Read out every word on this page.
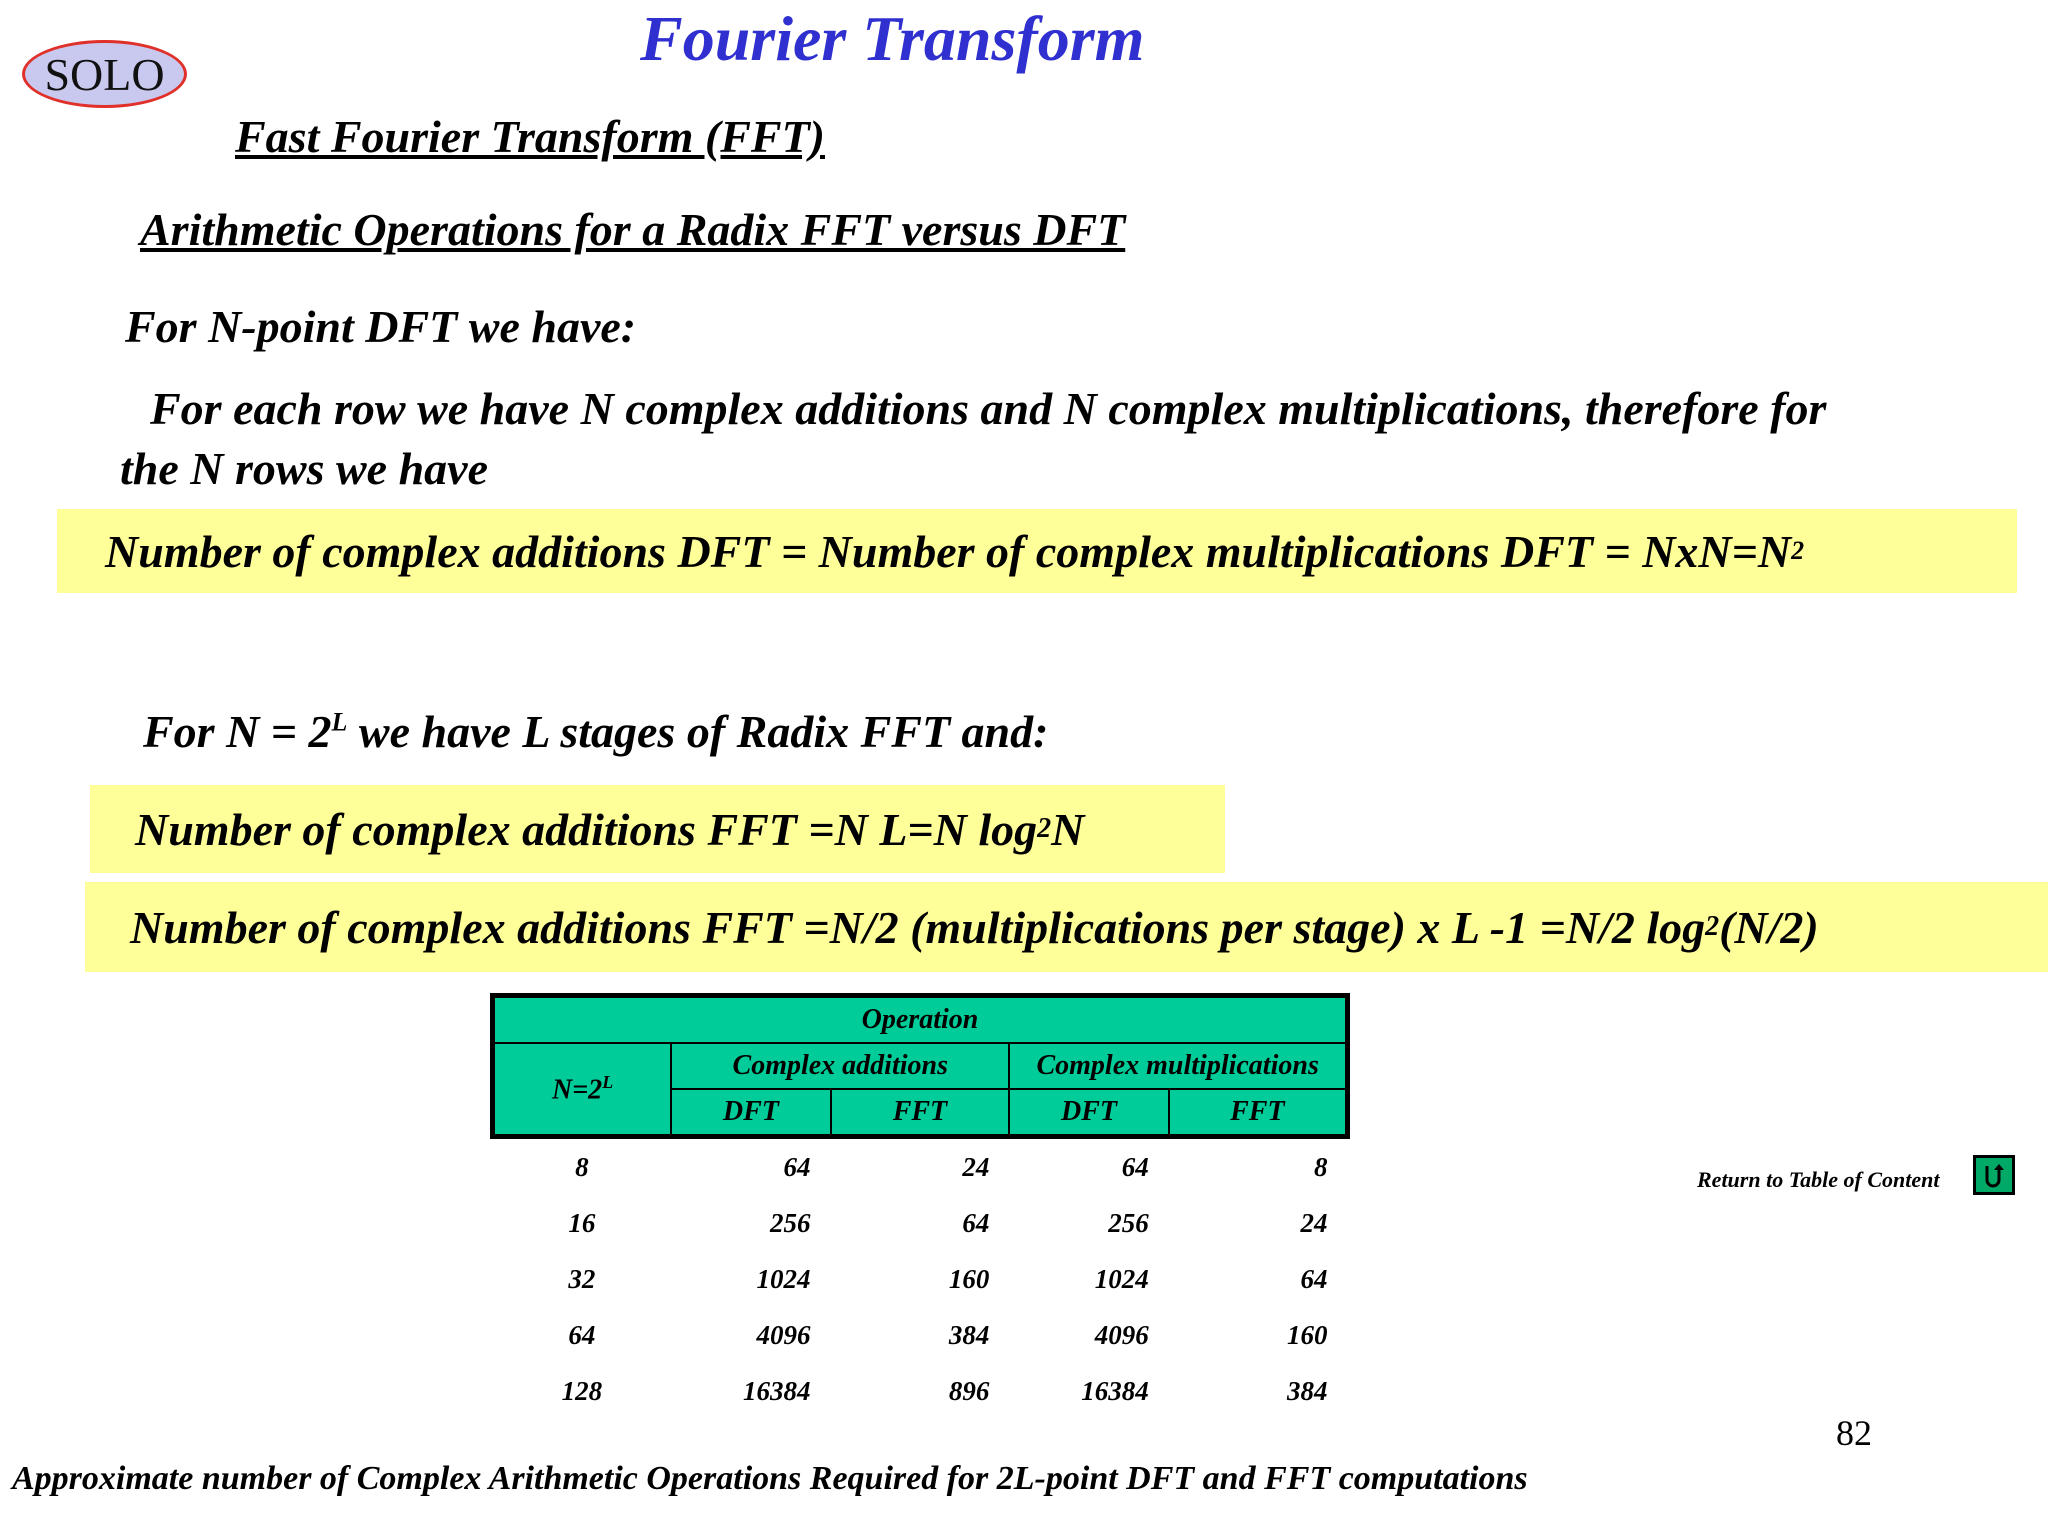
SOLO	Fourier Transform
Fast Fourier Transform (FFT)
Arithmetic Operations for a Radix FFT versus DFT
For N-point DFT we have:
For each row we have N complex additions and N complex multiplications, therefore for
the N rows we have
Number of complex additions DFT = Number of complex multiplications DFT = NxN=N 2
For $N = 2^L$ we have L stages of Radix FFT and:
Number of complex additions FFT =N L=N log 2 N
Number of complex additions FFT =N/2 (multiplications per stage) x L -1 =N/2 log 2 (N/2)
Operation				
$N=2^L$	Complex additions		Complex multiplications	
	DFT	FFT	DFT	FFT
8	64	24	64	8
16	256	64	256	24
32	1024	160	1024	64
64	4096	384	4096	160
128	16384	896	16384	384
Return to Table of Content
82
Approximate number of Complex Arithmetic Operations Required for 2L-point DFT and FFT computations
